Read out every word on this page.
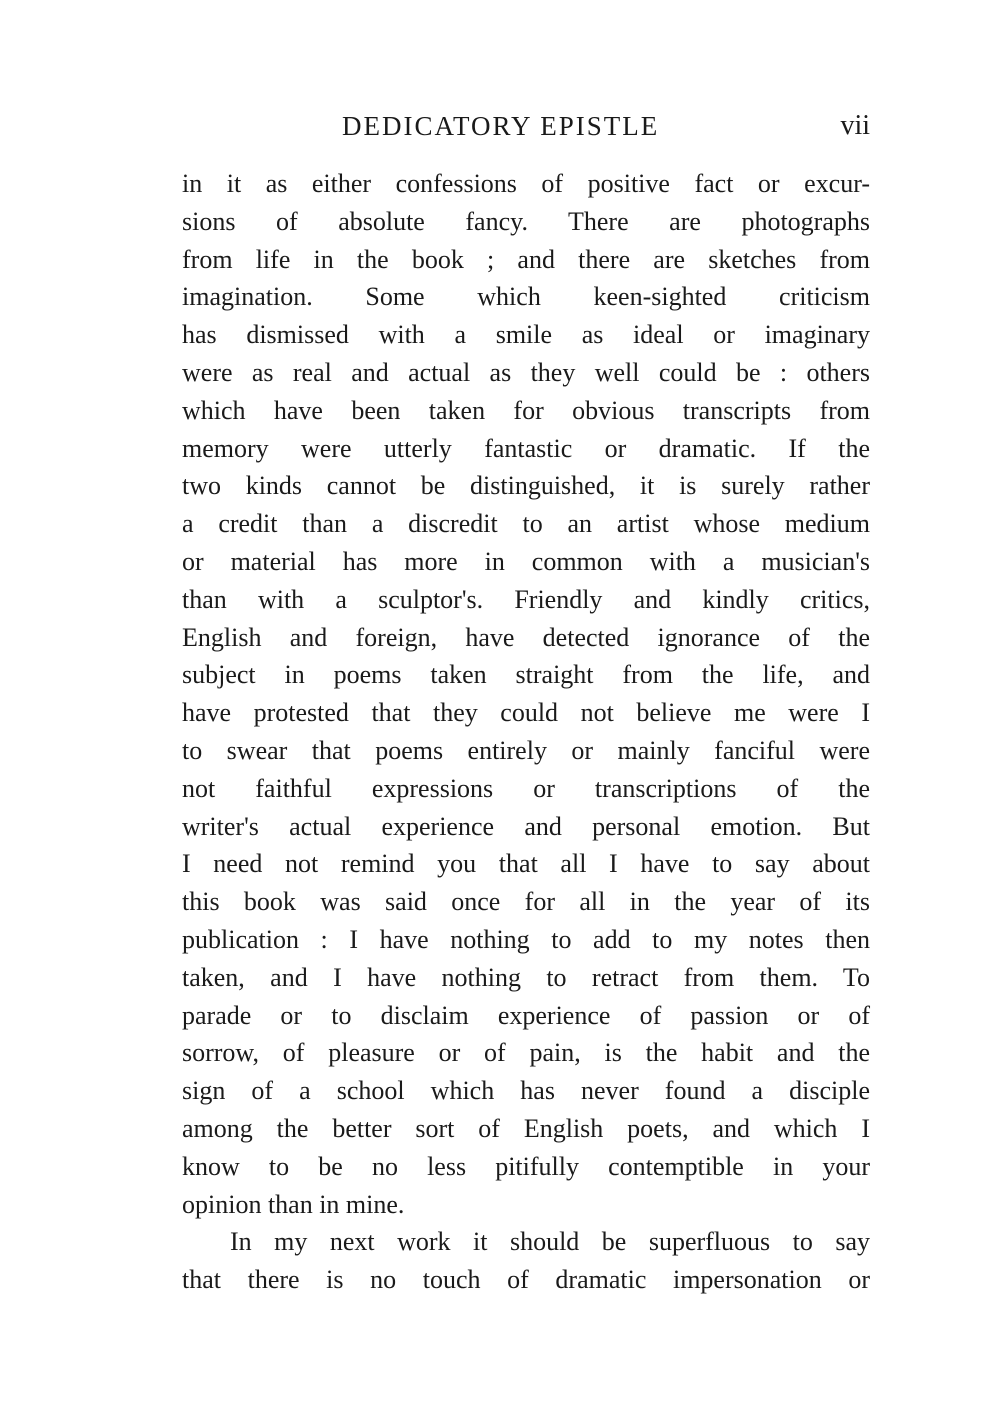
DEDICATORY EPISTLE	vii
in it as either confessions of positive fact or excur-
sions of absolute fancy. There are photographs
from life in the book ; and there are sketches from
imagination. Some which keen-sighted criticism
has dismissed with a smile as ideal or imaginary
were as real and actual as they well could be : others
which have been taken for obvious transcripts from
memory were utterly fantastic or dramatic. If the
two kinds cannot be distinguished, it is surely rather
a credit than a discredit to an artist whose medium
or material has more in common with a musician's
than with a sculptor's. Friendly and kindly critics,
English and foreign, have detected ignorance of the
subject in poems taken straight from the life, and
have protested that they could not believe me were I
to swear that poems entirely or mainly fanciful were
not faithful expressions or transcriptions of the
writer's actual experience and personal emotion. But
I need not remind you that all I have to say about
this book was said once for all in the year of its
publication : I have nothing to add to my notes then
taken, and I have nothing to retract from them. To
parade or to disclaim experience of passion or of
sorrow, of pleasure or of pain, is the habit and the
sign of a school which has never found a disciple
among the better sort of English poets, and which I
know to be no less pitifully contemptible in your
opinion than in mine.
In my next work it should be superfluous to say
that there is no touch of dramatic impersonation or
